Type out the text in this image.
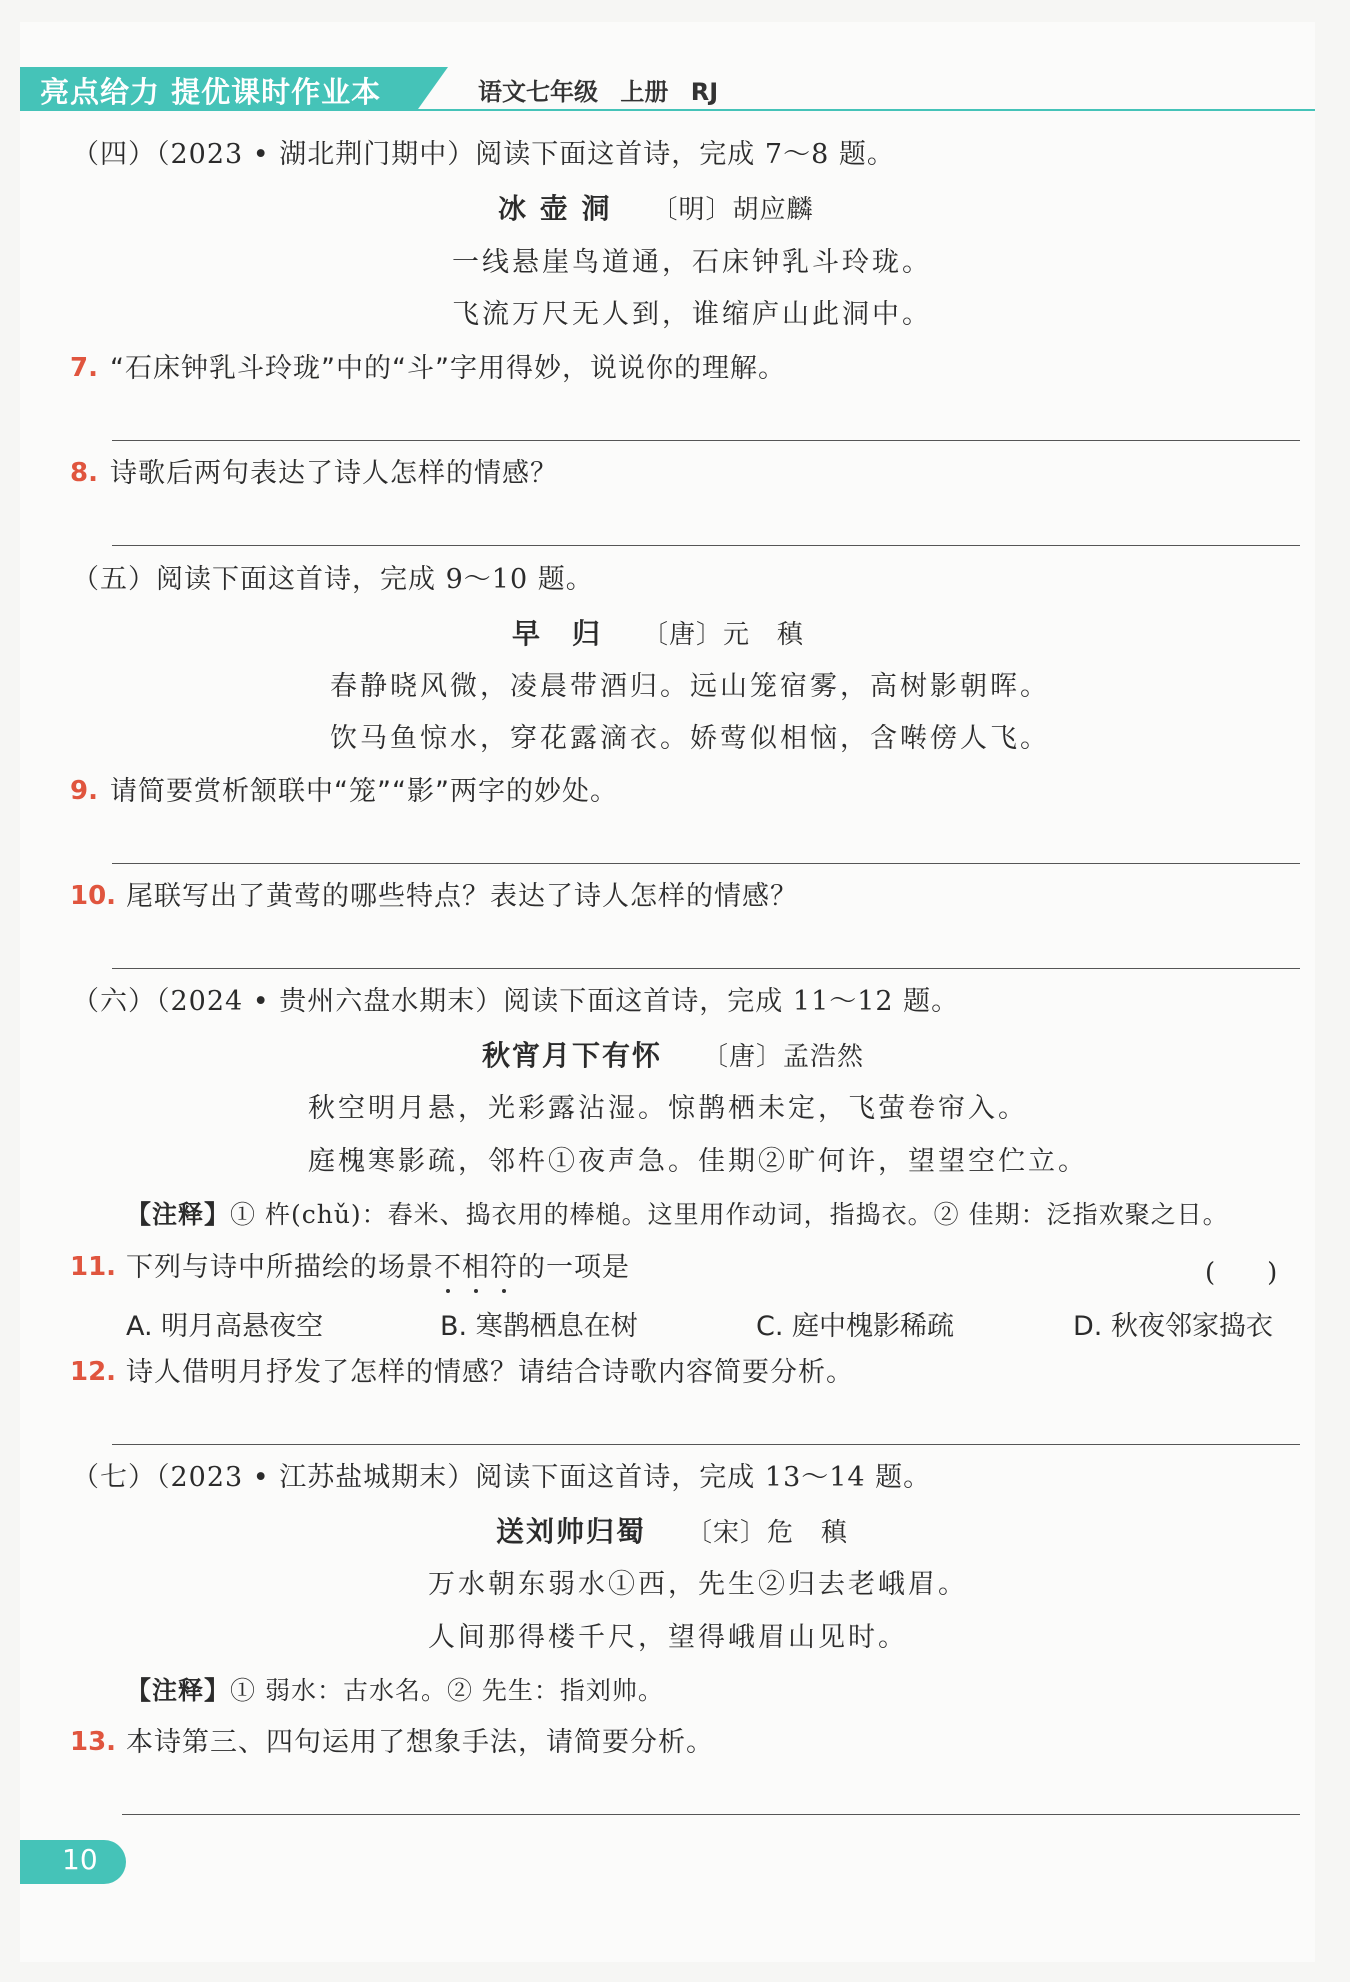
亮点给力 提优课时作业本	语文七年级 上册 RJ
（四）（2023 • 湖北荆门期中）阅读下面这首诗，完成 7～8 题。
冰 壶 洞 〔明〕胡应麟
一线悬崖鸟道通，石床钟乳斗玲珑。
飞流万尺无人到，谁缩庐山此洞中。
7. “石床钟乳斗玲珑”中的“斗”字用得妙，说说你的理解。
8. 诗歌后两句表达了诗人怎样的情感？
（五）阅读下面这首诗，完成 9～10 题。
早　归 〔唐〕元　稹
春静晓风微，凌晨带酒归。远山笼宿雾，高树影朝晖。
饮马鱼惊水，穿花露滴衣。娇莺似相恼，含啭傍人飞。
9. 请简要赏析颔联中“笼”“影”两字的妙处。
10. 尾联写出了黄莺的哪些特点？表达了诗人怎样的情感？
（六）（2024 • 贵州六盘水期末）阅读下面这首诗，完成 11～12 题。
秋宵月下有怀 〔唐〕孟浩然
秋空明月悬，光彩露沾湿。惊鹊栖未定，飞萤卷帘入。
庭槐寒影疏，邻杵①夜声急。佳期②旷何许，望望空伫立。
【注释】① 杵(chǔ)：舂米、捣衣用的棒槌。这里用作动词，指捣衣。② 佳期：泛指欢聚之日。
11. 下列与诗中所描绘的场景不相符的一项是	(　　)
A. 明月高悬夜空	B. 寒鹊栖息在树	C. 庭中槐影稀疏	D. 秋夜邻家捣衣
12. 诗人借明月抒发了怎样的情感？请结合诗歌内容简要分析。
（七）（2023 • 江苏盐城期末）阅读下面这首诗，完成 13～14 题。
送刘帅归蜀 〔宋〕危　稹
万水朝东弱水①西，先生②归去老峨眉。
人间那得楼千尺，望得峨眉山见时。
【注释】① 弱水：古水名。② 先生：指刘帅。
13. 本诗第三、四句运用了想象手法，请简要分析。
10
